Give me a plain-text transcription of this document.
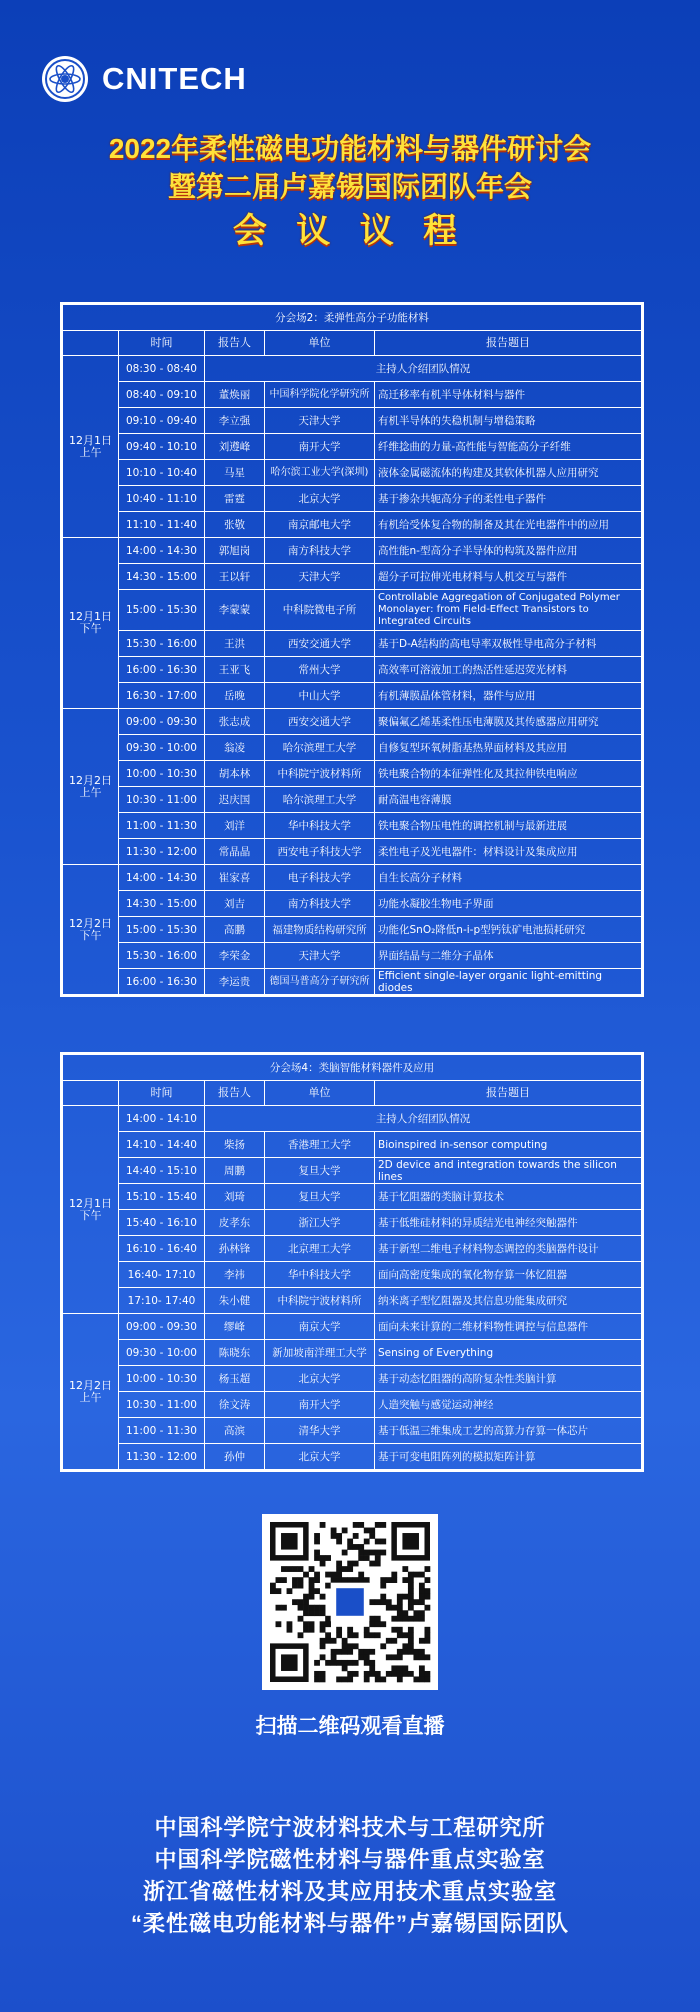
CNITECH
2022年柔性磁电功能材料与器件研讨会
暨第二届卢嘉锡国际团队年会
会 议 议 程
分会场2：柔弹性高分子功能材料				
	时间	报告人	单位	报告题目

12月1日
上午	08:30 - 08:40	主持人介绍团队情况		
	08:40 - 09:10	董焕丽	中国科学院化学研究所	高迁移率有机半导体材料与器件
	09:10 - 09:40	李立强	天津大学	有机半导体的失稳机制与增稳策略
	09:40 - 10:10	刘遵峰	南开大学	纤维捻曲的力量-高性能与智能高分子纤维
	10:10 - 10:40	马星	哈尔滨工业大学(深圳)	液体金属磁流体的构建及其软体机器人应用研究
	10:40 - 11:10	雷霆	北京大学	基于掺杂共轭高分子的柔性电子器件
	11:10 - 11:40	张敬	南京邮电大学	有机给受体复合物的制备及其在光电器件中的应用

12月1日
下午	14:00 - 14:30	郭旭岗	南方科技大学	高性能n-型高分子半导体的构筑及器件应用
	14:30 - 15:00	王以轩	天津大学	超分子可拉伸光电材料与人机交互与器件
	15:00 - 15:30	李蒙蒙	中科院微电子所	Controllable Aggregation of Conjugated Polymer Monolayer: from Field-Effect Transistors to Integrated Circuits
	15:30 - 16:00	王洪	西安交通大学	基于D-A结构的高电导率双极性导电高分子材料
	16:00 - 16:30	王亚飞	常州大学	高效率可溶液加工的热活性延迟荧光材料
	16:30 - 17:00	岳晚	中山大学	有机薄膜晶体管材料，器件与应用

12月2日
上午	09:00 - 09:30	张志成	西安交通大学	聚偏氟乙烯基柔性压电薄膜及其传感器应用研究
	09:30 - 10:00	翁凌	哈尔滨理工大学	自修复型环氧树脂基热界面材料及其应用
	10:00 - 10:30	胡本林	中科院宁波材料所	铁电聚合物的本征弹性化及其拉伸铁电响应
	10:30 - 11:00	迟庆国	哈尔滨理工大学	耐高温电容薄膜
	11:00 - 11:30	刘洋	华中科技大学	铁电聚合物压电性的调控机制与最新进展
	11:30 - 12:00	常晶晶	西安电子科技大学	柔性电子及光电器件：材料设计及集成应用

12月2日
下午	14:00 - 14:30	崔家喜	电子科技大学	自生长高分子材料
	14:30 - 15:00	刘吉	南方科技大学	功能水凝胶生物电子界面
	15:00 - 15:30	高鹏	福建物质结构研究所	功能化SnO₂降低n-i-p型钙钛矿电池损耗研究
	15:30 - 16:00	李荣金	天津大学	界面结晶与二维分子晶体
	16:00 - 16:30	李运贵	德国马普高分子研究所	Efficient single-layer organic light-emitting diodes
分会场4：类脑智能材料器件及应用				
	时间	报告人	单位	报告题目

12月1日
下午	14:00 - 14:10	主持人介绍团队情况		
	14:10 - 14:40	柴扬	香港理工大学	Bioinspired in-sensor computing
	14:40 - 15:10	周鹏	复旦大学	2D device and integration towards the silicon lines
	15:10 - 15:40	刘琦	复旦大学	基于忆阻器的类脑计算技术
	15:40 - 16:10	皮孝东	浙江大学	基于低维硅材料的异质结光电神经突触器件
	16:10 - 16:40	孙林锋	北京理工大学	基于新型二维电子材料物态调控的类脑器件设计
	16:40- 17:10	李祎	华中科技大学	面向高密度集成的氧化物存算一体忆阻器
	17:10- 17:40	朱小健	中科院宁波材料所	纳米离子型忆阻器及其信息功能集成研究

12月2日
上午	09:00 - 09:30	缪峰	南京大学	面向未来计算的二维材料物性调控与信息器件
	09:30 - 10:00	陈晓东	新加坡南洋理工大学	Sensing of Everything
	10:00 - 10:30	杨玉超	北京大学	基于动态忆阻器的高阶复杂性类脑计算
	10:30 - 11:00	徐文涛	南开大学	人造突触与感觉运动神经
	11:00 - 11:30	高滨	清华大学	基于低温三维集成工艺的高算力存算一体芯片
	11:30 - 12:00	孙仲	北京大学	基于可变电阻阵列的模拟矩阵计算
扫描二维码观看直播
中国科学院宁波材料技术与工程研究所
中国科学院磁性材料与器件重点实验室
浙江省磁性材料及其应用技术重点实验室
“柔性磁电功能材料与器件”卢嘉锡国际团队
